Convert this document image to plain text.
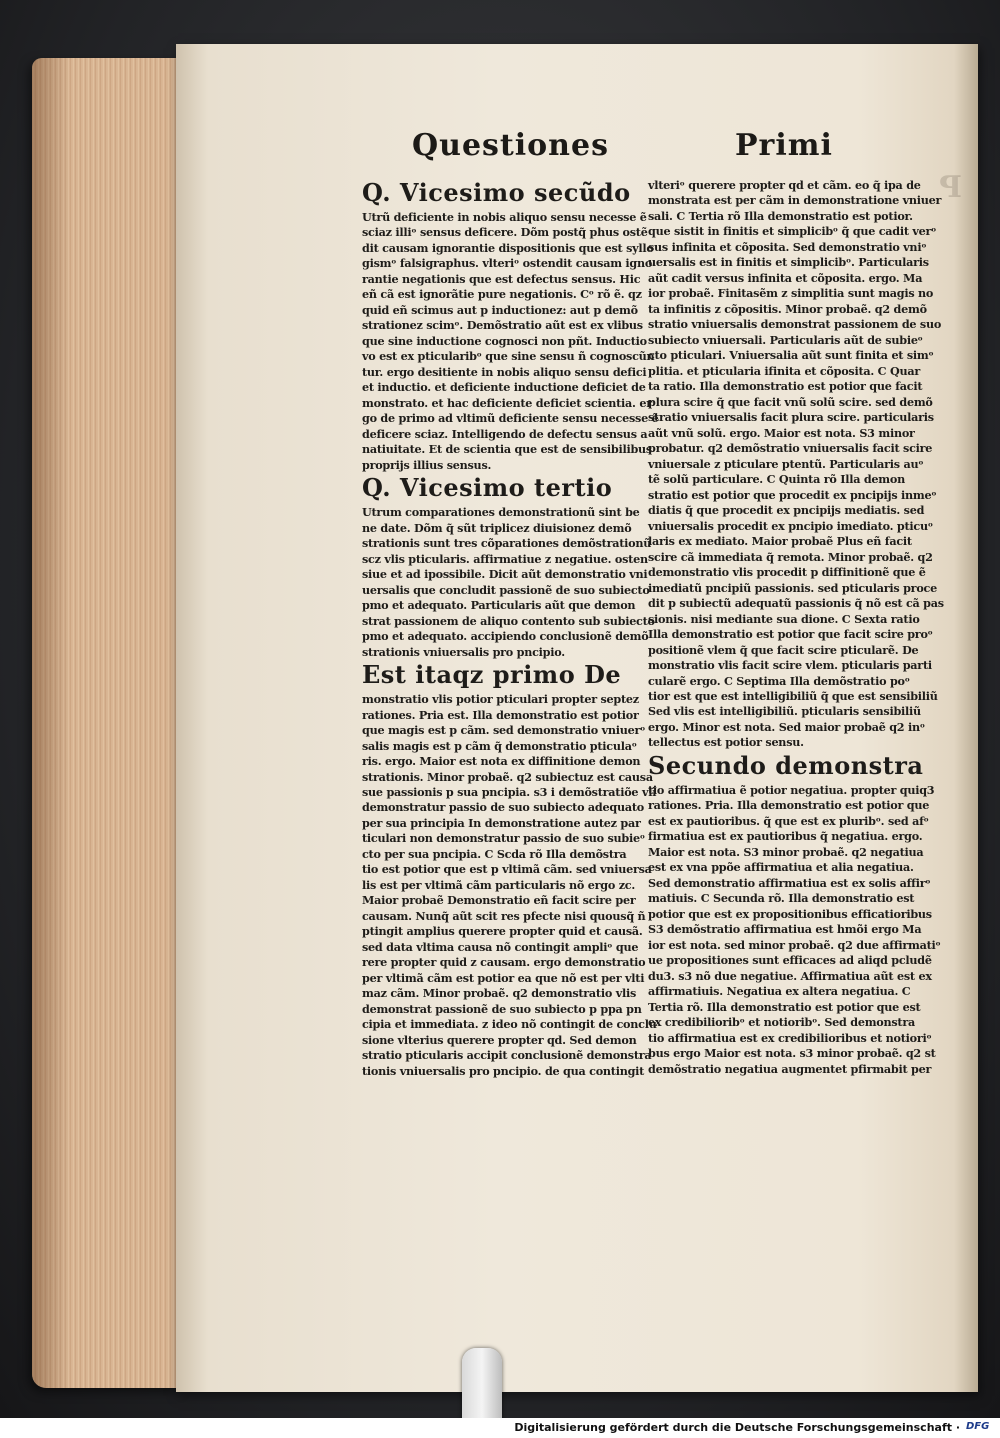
P
Questiones	Primi
Q. Vicesimo secũdo
Utrũ deficiente in nobis aliquo sensu necesse ẽ
sciaz illiᵒ sensus deficere. Dõm postq̃ phus ostẽ
dit causam ignorantie dispositionis que est syllo
gismᵒ falsigraphus. vlteriᵒ ostendit causam igno
rantie negationis que est defectus sensus. Hic
eñ cã est ignorãtie pure negationis. Cᵒ rõ ẽ. qz
quid eñ scimus aut p inductionez: aut p demõ
strationez scimᵒ. Demõstratio aũt est ex vlibus
que sine inductione cognosci non pñt. Inductio
vo est ex pticularibᵒ que sine sensu ñ cognoscũn
tur. ergo desitiente in nobis aliquo sensu defici
et inductio. et deficiente inductione deficiet de
monstrato. et hac deficiente deficiet scientia. er
go de primo ad vltimũ deficiente sensu necesse ẽ
deficere sciaz. Intelligendo de defectu sensus a
natiuitate. Et de scientia que est de sensibilibus
proprijs illius sensus.
Q. Vicesimo tertio
Utrum comparationes demonstrationũ sint be
ne date. Dõm q̃ sũt triplicez diuisionez demõ
strationis sunt tres cõparationes demõstrationũ
scz vlis pticularis. affirmatiue z negatiue. osten
siue et ad ipossibile. Dicit aũt demonstratio vni
uersalis que concludit passionẽ de suo subiecto
pmo et adequato. Particularis aũt que demon
strat passionem de aliquo contento sub subiecto
pmo et adequato. accipiendo conclusionẽ demõ
strationis vniuersalis pro pncipio.
Est itaqz primo De
monstratio vlis potior pticulari propter septez
rationes. Pria est. Illa demonstratio est potior
que magis est p cãm. sed demonstratio vniuerᵒ
salis magis est p cãm q̃ demonstratio pticulaᵒ
ris. ergo. Maior est nota ex diffinitione demon
strationis. Minor probaẽ. q2 subiectuz est causa
sue passionis p sua pncipia. s3 i demõstratiõe vlĩ
demonstratur passio de suo subiecto adequato
per sua principia In demonstratione autez par
ticulari non demonstratur passio de suo subieᵒ
cto per sua pncipia. C Scda rõ Illa demõstra
tio est potior que est p vltimã cãm. sed vniuersa
lis est per vltimã cãm particularis nõ ergo zc.
Maior probaẽ Demonstratio eñ facit scire per
causam. Nunq̃ aũt scit res pfecte nisi quousq̃ ñ
ptingit amplius querere propter quid et causã.
sed data vltima causa nõ contingit ampliᵒ que
rere propter quid z causam. ergo demonstratio
per vltimã cãm est potior ea que nõ est per vlti
maz cãm. Minor probaẽ. q2 demonstratio vlis
demonstrat passionẽ de suo subiecto p ppa pn
cipia et immediata. z ideo nõ contingit de conclu
sione vlterius querere propter qd. Sed demon
stratio pticularis accipit conclusionẽ demonstra
tionis vniuersalis pro pncipio. de qua contingit
vlteriᵒ querere propter qd et cãm. eo q̃ ipa de
monstrata est per cãm in demonstratione vniuer
sali. C Tertia rõ Illa demonstratio est potior.
que sistit in finitis et simplicibᵒ q̃ que cadit verᵒ
sus infinita et cõposita. Sed demonstratio vniᵒ
uersalis est in finitis et simplicibᵒ. Particularis
aũt cadit versus infinita et cõposita. ergo. Ma
ior probaẽ. Finitasẽm z simplitia sunt magis no
ta infinitis z cõpositis. Minor probaẽ. q2 demõ
stratio vniuersalis demonstrat passionem de suo
subiecto vniuersali. Particularis aũt de subieᵒ
cto pticulari. Vniuersalia aũt sunt finita et simᵒ
plitia. et pticularia ifinita et cõposita. C Quar
ta ratio. Illa demonstratio est potior que facit
plura scire q̃ que facit vnũ solũ scire. sed demõ
stratio vniuersalis facit plura scire. particularis
aũt vnũ solũ. ergo. Maior est nota. S3 minor
probatur. q2 demõstratio vniuersalis facit scire
vniuersale z pticulare ptentũ. Particularis auᵒ
tẽ solũ particulare. C Quinta rõ Illa demon
stratio est potior que procedit ex pncipijs inmeᵒ
diatis q̃ que procedit ex pncipijs mediatis. sed
vniuersalis procedit ex pncipio imediato. pticuᵒ
laris ex mediato. Maior probaẽ Plus eñ facit
scire cã immediata q̃ remota. Minor probaẽ. q2
demonstratio vlis procedit p diffinitionẽ que ẽ
imediatũ pncipiũ passionis. sed pticularis proce
dit p subiectũ adequatũ passionis q̃ nõ est cã pas
sionis. nisi mediante sua dione. C Sexta ratio
Illa demonstratio est potior que facit scire proᵒ
positionẽ vlem q̃ que facit scire pticularẽ. De
monstratio vlis facit scire vlem. pticularis parti
cularẽ ergo. C Septima Illa demõstratio poᵒ
tior est que est intelligibiliũ q̃ que est sensibiliũ
Sed vlis est intelligibiliũ. pticularis sensibiliũ
ergo. Minor est nota. Sed maior probaẽ q2 inᵒ
tellectus est potior sensu.
Secundo demonstra
tio affirmatiua ẽ potior negatiua. propter quiq3
rationes. Pria. Illa demonstratio est potior que
est ex pautioribus. q̃ que est ex pluribᵒ. sed afᵒ
firmatiua est ex pautioribus q̃ negatiua. ergo.
Maior est nota. S3 minor probaẽ. q2 negatiua
est ex vna ppõe affirmatiua et alia negatiua.
Sed demonstratio affirmatiua est ex solis affirᵒ
matiuis. C Secunda rõ. Illa demonstratio est
potior que est ex propositionibus efficatioribus
S3 demõstratio affirmatiua est hmõi ergo Ma
ior est nota. sed minor probaẽ. q2 due affirmatiᵒ
ue propositiones sunt efficaces ad aliqd pcludẽ
du3. s3 nõ due negatiue. Affirmatiua aũt est ex
affirmatiuis. Negatiua ex altera negatiua. C
Tertia rõ. Illa demonstratio est potior que est
ex credibilioribᵒ et notioribᵒ. Sed demonstra
tio affirmatiua est ex credibilioribus et notioriᵒ
bus ergo Maior est nota. s3 minor probaẽ. q2 st
demõstratio negatiua augmentet pfirmabit per
Digitalisierung gefördert durch die Deutsche Forschungsgemeinschaft · DFG
